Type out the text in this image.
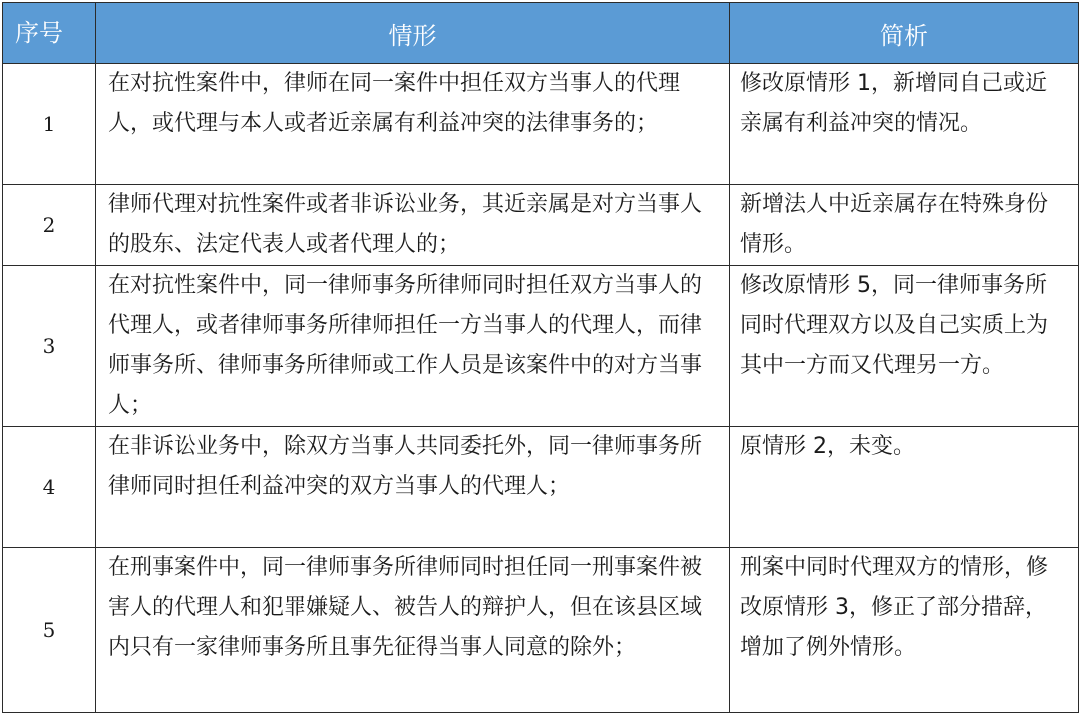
序号	情形	简析
1	在对抗性案件中，律师在同一案件中担任双方当事人的代理人，或代理与本人或者近亲属有利益冲突的法律事务的；	修改原情形 1，新增同自己或近亲属有利益冲突的情况。

2	律师代理对抗性案件或者非诉讼业务，其近亲属是对方当事人的股东、法定代表人或者代理人的；	新增法人中近亲属存在特殊身份情形。

3	在对抗性案件中，同一律师事务所律师同时担任双方当事人的代理人，或者律师事务所律师担任一方当事人的代理人，而律师事务所、律师事务所律师或工作人员是该案件中的对方当事人；	修改原情形 5，同一律师事务所同时代理双方以及自己实质上为其中一方而又代理另一方。

4	在非诉讼业务中，除双方当事人共同委托外，同一律师事务所律师同时担任利益冲突的双方当事人的代理人；	原情形 2，未变。

5	在刑事案件中，同一律师事务所律师同时担任同一刑事案件被害人的代理人和犯罪嫌疑人、被告人的辩护人，但在该县区域内只有一家律师事务所且事先征得当事人同意的除外；	刑案中同时代理双方的情形，修改原情形 3，修正了部分措辞，增加了例外情形。
